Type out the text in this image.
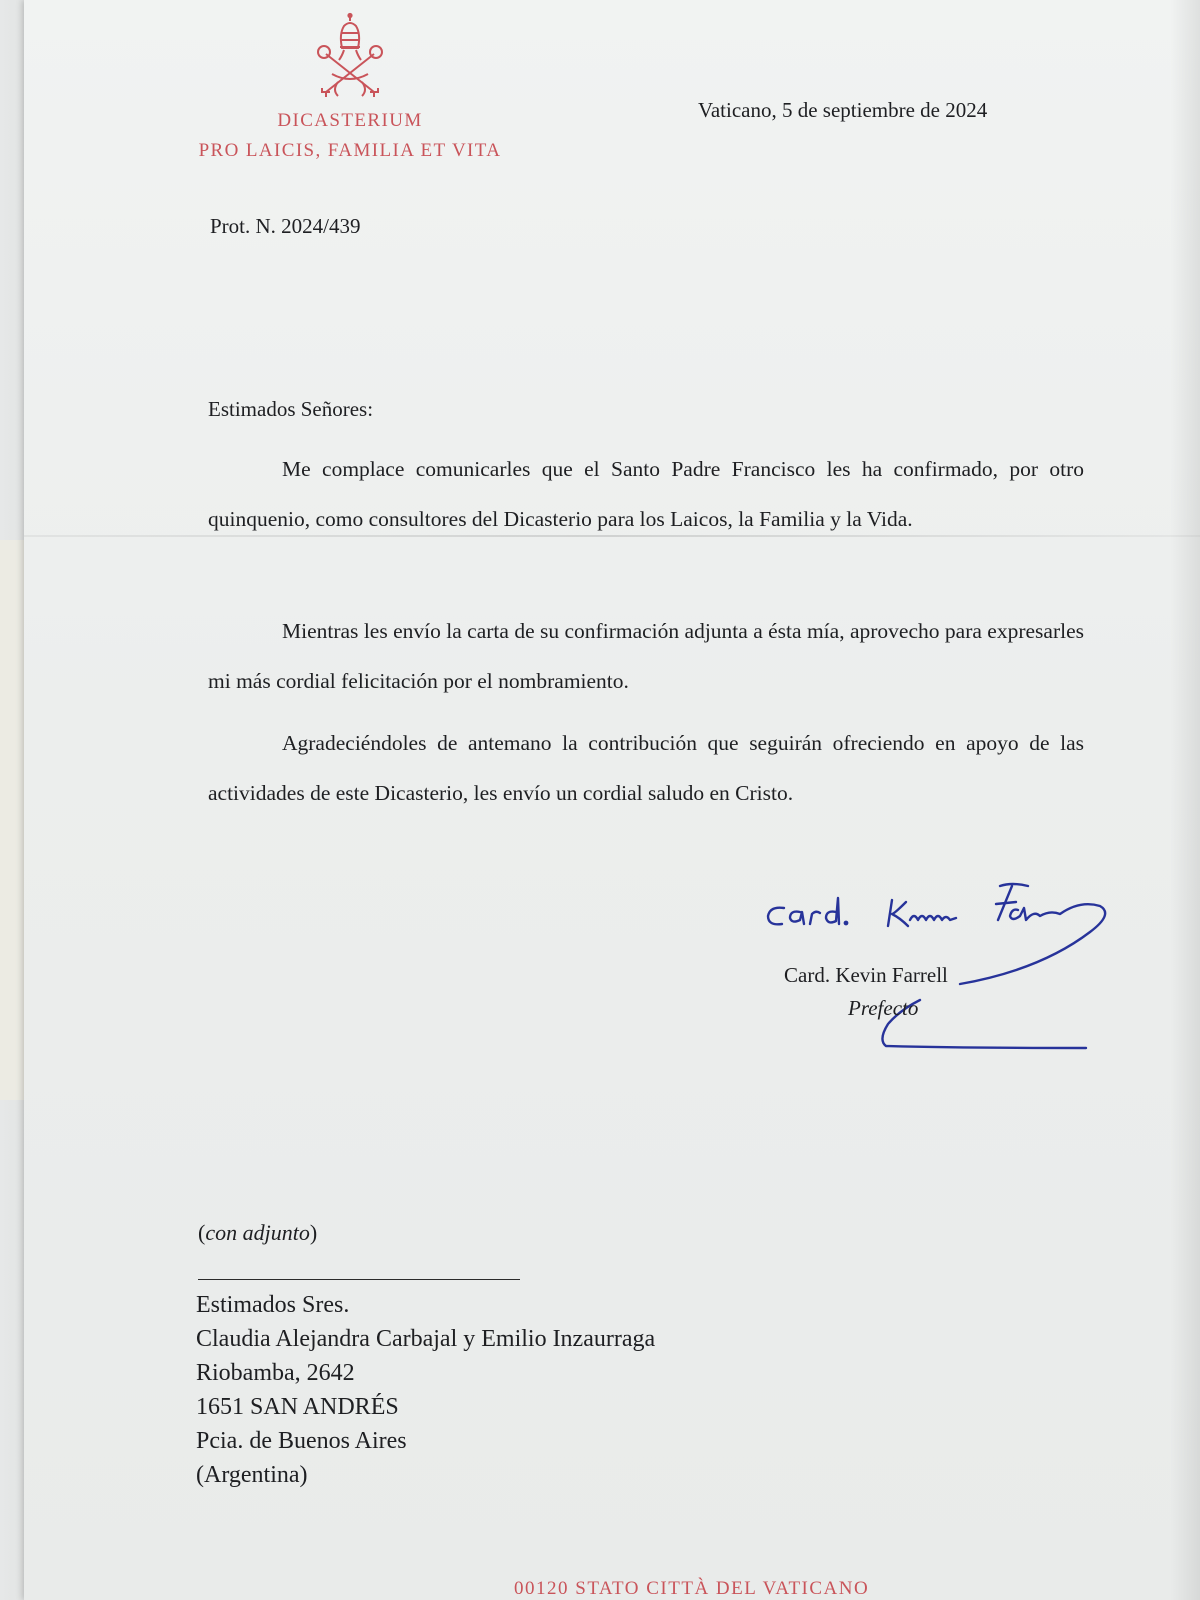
DICASTERIUM
PRO LAICIS, FAMILIA ET VITA
Vaticano, 5 de septiembre de 2024
Prot. N. 2024/439
Estimados Señores:
Me complace comunicarles que el Santo Padre Francisco les ha confirmado, por otro quinquenio, como consultores del Dicasterio para los Laicos, la Familia y la Vida.
Mientras les envío la carta de su confirmación adjunta a ésta mía, aprovecho para expresarles mi más cordial felicitación por el nombramiento.
Agradeciéndoles de antemano la contribución que seguirán ofreciendo en apoyo de las actividades de este Dicasterio, les envío un cordial saludo en Cristo.
Card. Kevin Farrell
Prefecto
(con adjunto)
Estimados Sres.
Claudia Alejandra Carbajal y Emilio Inzaurraga
Riobamba, 2642
1651 SAN ANDRÉS
Pcia. de Buenos Aires
(Argentina)
00120 STATO CITTÀ DEL VATICANO
